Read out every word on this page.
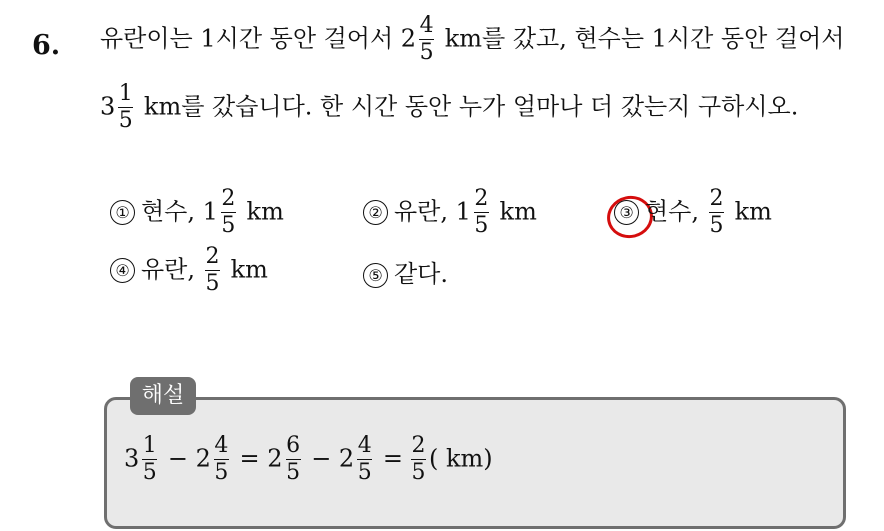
6. 유란이는 1시간 동안 걸어서 $2 \frac{4}{5}$ km를 갔고, 현수는 1시간 동안 걸어서
$3 \frac{1}{5}$ km를 갔습니다. 한 시간 동안 누가 얼마나 더 갔는지 구하시오.
① 현수, $1 \frac{2}{5}$ km	② 유란, $1 \frac{2}{5}$ km	③ 현수, $\frac{2}{5}$ km
④ 유란, $\frac{2}{5}$ km	⑤ 같다.
해설
$3 \frac{1}{5} - 2 \frac{4}{5} = 2 \frac{6}{5} - 2 \frac{4}{5} = \frac{2}{5}$ ( km)
